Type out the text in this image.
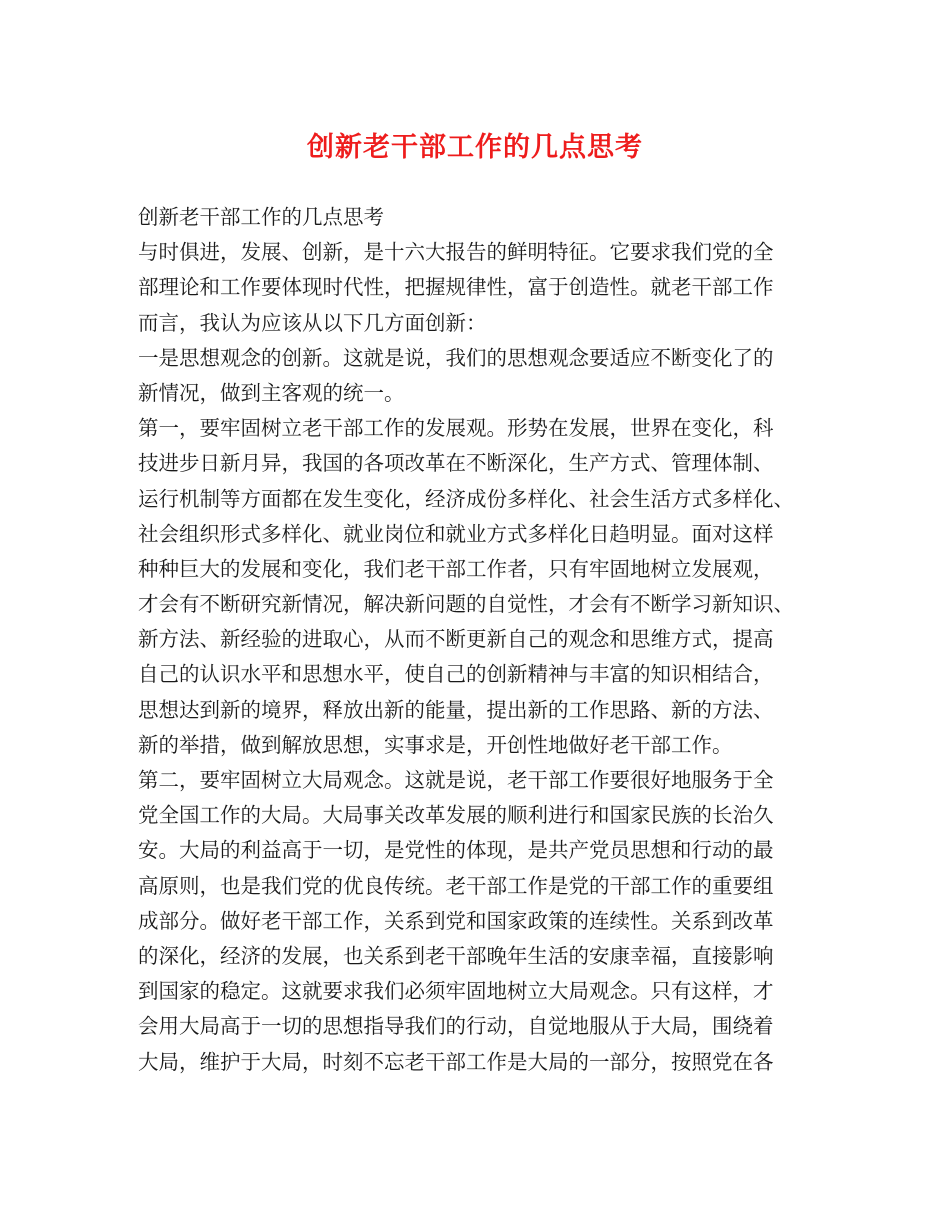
创新老干部工作的几点思考
创新老干部工作的几点思考
与时俱进，发展、创新，是十六大报告的鲜明特征。它要求我们党的全
部理论和工作要体现时代性，把握规律性，富于创造性。就老干部工作
而言，我认为应该从以下几方面创新：
一是思想观念的创新。这就是说，我们的思想观念要适应不断变化了的
新情况，做到主客观的统一。
第一，要牢固树立老干部工作的发展观。形势在发展，世界在变化，科
技进步日新月异，我国的各项改革在不断深化，生产方式、管理体制、
运行机制等方面都在发生变化，经济成份多样化、社会生活方式多样化、
社会组织形式多样化、就业岗位和就业方式多样化日趋明显。面对这样
种种巨大的发展和变化，我们老干部工作者，只有牢固地树立发展观，
才会有不断研究新情况，解决新问题的自觉性，才会有不断学习新知识、
新方法、新经验的进取心，从而不断更新自己的观念和思维方式，提高
自己的认识水平和思想水平，使自己的创新精神与丰富的知识相结合，
思想达到新的境界，释放出新的能量，提出新的工作思路、新的方法、
新的举措，做到解放思想，实事求是，开创性地做好老干部工作。
第二，要牢固树立大局观念。这就是说，老干部工作要很好地服务于全
党全国工作的大局。大局事关改革发展的顺利进行和国家民族的长治久
安。大局的利益高于一切，是党性的体现，是共产党员思想和行动的最
高原则，也是我们党的优良传统。老干部工作是党的干部工作的重要组
成部分。做好老干部工作，关系到党和国家政策的连续性。关系到改革
的深化，经济的发展，也关系到老干部晚年生活的安康幸福，直接影响
到国家的稳定。这就要求我们必须牢固地树立大局观念。只有这样，才
会用大局高于一切的思想指导我们的行动，自觉地服从于大局，围绕着
大局，维护于大局，时刻不忘老干部工作是大局的一部分，按照党在各
